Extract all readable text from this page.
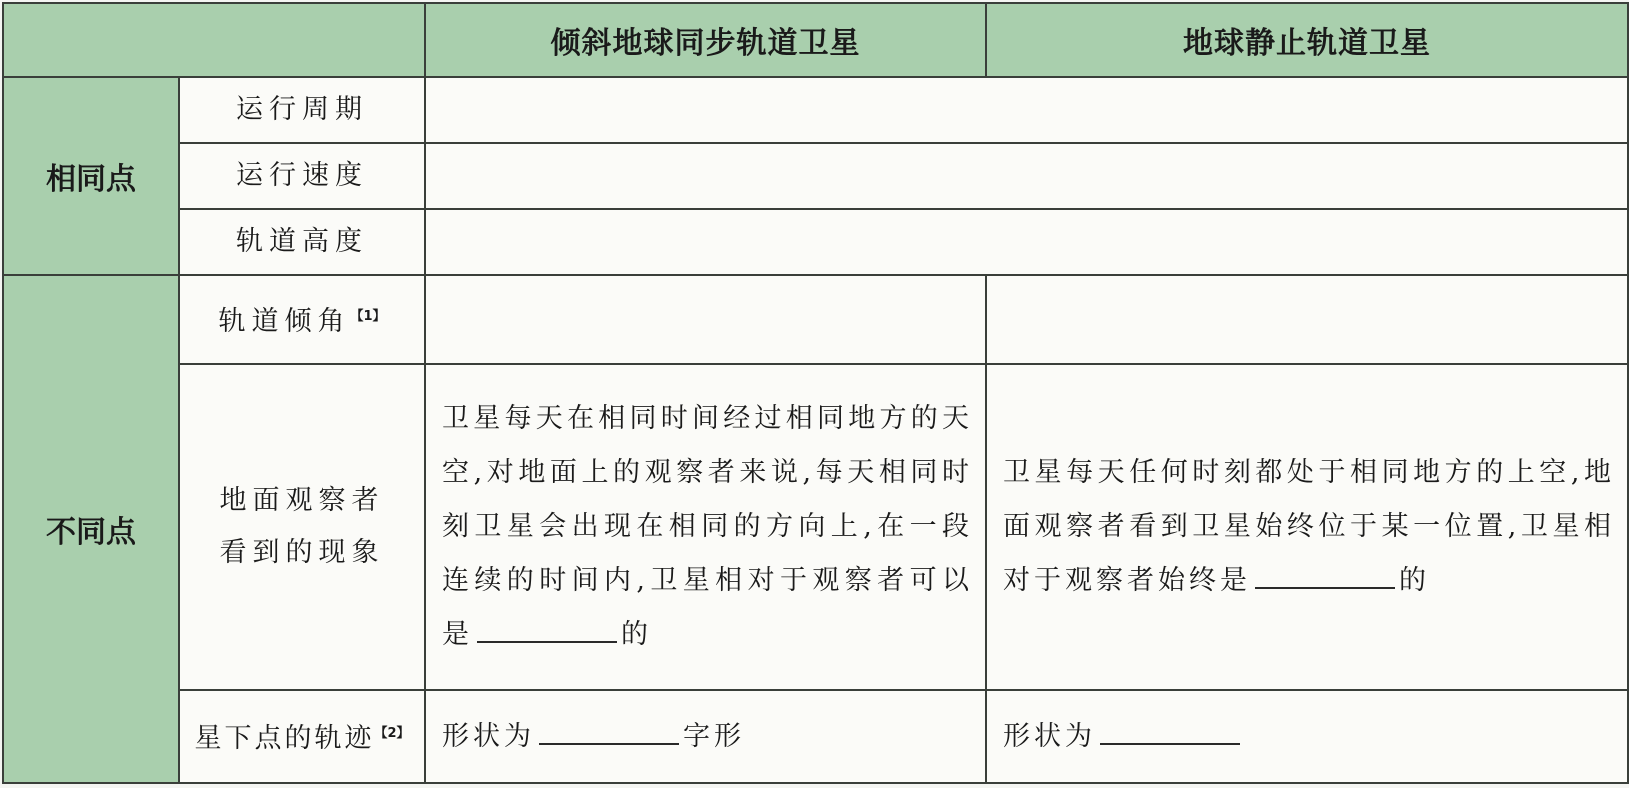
		倾斜地球同步轨道卫星	地球静止轨道卫星
相同点	运行周期		
	运行速度		
	轨道高度		
不同点	轨道倾角$^{【1】}$		

	地面观察者
看到的现象	卫星每天在相同时间经过相同地方的天空,对地面上的观察者来说,每天相同时刻卫星会出现在相同的方向上,在一段连续的时间内,卫星相对于观察者可以是 的	卫星每天任何时刻都处于相同地方的上空,地面观察者看到卫星始终位于某一位置,卫星相对于观察者始终是 的

	星下点的轨迹$^{【2】}$	形状为 字形	形状为
